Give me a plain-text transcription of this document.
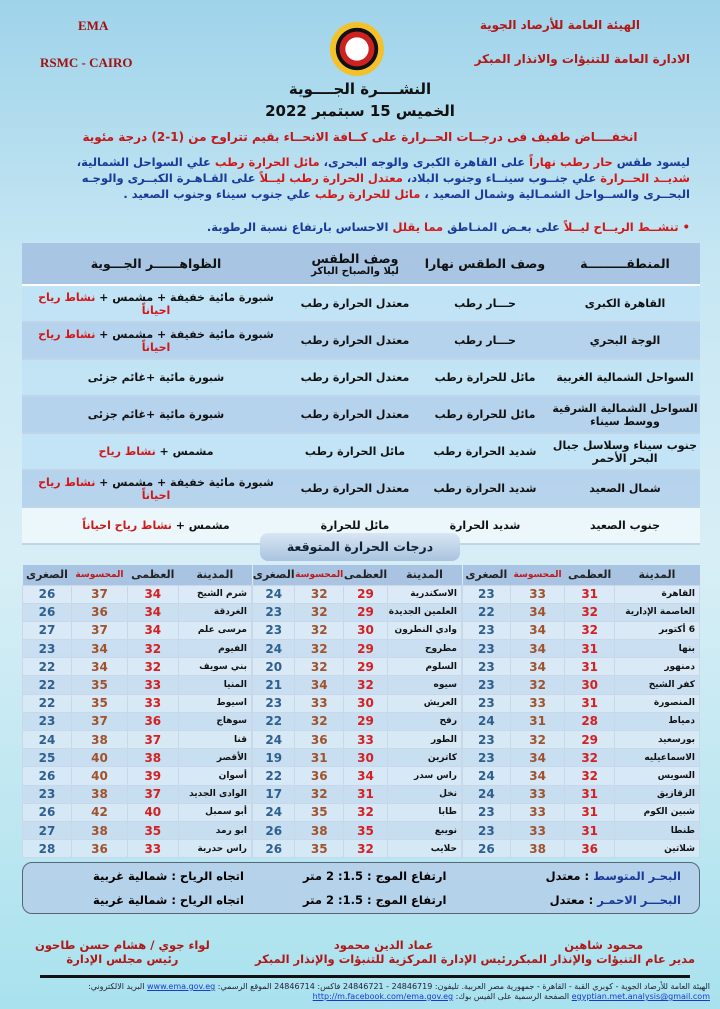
الهيئة العامة للأرصاد الجوية
الادارة العامة للتنبؤات والانذار المبكر
EMA
RSMC - CAIRO
النشــــرة الجــــوية
الخميس 15 سبتمبر 2022
انخفــــاض طفيف فى درجــات الحــرارة على كــافة الانحــاء بقيم تتراوح من (1-2) درجة مئوية
ليسود طقس حار رطب نهاراً على القاهرة الكبرى والوجه البحرى، مائل الحرارة رطب علي السواحل الشمالية، شديــد الحــرارة علي جنــوب سينــاء وجنوب البلاد، معتدل الحرارة رطب ليــلاً على القـاهـرة الكبــرى والوجـه البحــرى والســواحل الشمـالية وشمال الصعيد ، مائل للحرارة رطب علي جنوب سيناء وجنوب الصعيد .
• تنشــط الريــاح ليــلاً على بعـض المنـاطق مما يقلل الاحساس بارتفاع نسبة الرطوبة.
المنطقـــــــــة	وصف الطقس نهارا	وصف الطقس
ليلا والصباح الباكر	الظواهــــــر الجـــوية
القاهرة الكبرى	حـــار رطب	معتدل الحرارة رطب	شبورة مائية خفيفة + مشمس + نشاط رياح احياناً
الوجة البحري	حـــار رطب	معتدل الحرارة رطب	شبورة مائية خفيفة + مشمس + نشاط رياح احياناً
السواحل الشمالية الغربية	مائل للحرارة رطب	معتدل الحرارة رطب	شبورة مائية +غائم جزئى
السواحل الشمالية الشرقية ووسط سيناء	مائل للحرارة رطب	معتدل الحرارة رطب	شبورة مائية +غائم جزئى
جنوب سيناء وسلاسل جبال البحر الأحمر	شديد الحرارة رطب	مائل الحرارة رطب	مشمس + نشاط رياح
شمال الصعيد	شديد الحرارة رطب	معتدل الحرارة رطب	شبورة مائية خفيفة + مشمس + نشاط رياح احياناً
جنوب الصعيد	شديد الحرارة	مائل للحرارة	مشمس + نشاط رياح احياناً
درجات الحرارة المتوقعة
المدينة	العظمى	المحسوسة	الصغرى
القاهرة	31	33	23
العاصمة الإدارية	32	34	22
6 أكتوبر	32	34	23
بنها	31	34	23
دمنهور	31	34	23
كفر الشيخ	30	32	23
المنصورة	31	33	23
دمياط	28	31	24
بورسعيد	29	32	23
الاسماعيليه	32	34	23
السويس	32	34	24
الزقازيق	31	33	24
شبين الكوم	31	33	23
طنطا	31	33	23
شلاتين	36	38	26
المدينة	العظمى	المحسوسة	الصغرى
الاسكندرية	29	32	24
العلمين الجديدة	29	32	23
وادي النطرون	30	32	23
مطروح	29	32	24
السلوم	29	32	20
سيوه	32	34	21
العريش	30	33	23
رفح	29	32	22
الطور	33	36	24
كاترين	30	31	19
راس سدر	34	36	22
نخل	31	32	17
طابا	32	35	24
نويبع	35	38	26
حلايب	32	35	26
المدينة	العظمى	المحسوسة	الصغرى
شرم الشيخ	34	37	26
الغردقة	34	36	26
مرسى علم	34	37	27
الفيوم	32	34	23
بني سويف	32	34	22
المنيا	33	35	22
اسيوط	33	35	22
سوهاج	36	37	23
قنا	37	38	24
الأقصر	38	40	25
أسوان	39	40	26
الوادى الجديد	37	38	23
أبو سمبل	40	42	26
ابو رمد	35	38	27
راس حدربة	33	36	28
البحـر المتوسط : معتدل
ارتفاع الموج : 1.5: 2 متر
اتجاه الرياح : شمالية غربية
البحـــر الاحمـر : معتدل
ارتفاع الموج : 1.5: 2 متر
اتجاه الرياح : شمالية غربية
محمود شاهين
مدير عام التنبؤات والإنذار المبكر
عماد الدين محمود
رئيس الإدارة المركزية للتنبؤات والإنذار المبكر
لواء جوي / هشام حسن طاحون
رئيس مجلس الإدارة
الهيئة العامة للأرصاد الجوية - كوبري القبة - القاهرة - جمهورية مصر العربية. تليفون: 24846719 - 24846721 فاكس: 24846714 الموقع الرسمي: www.ema.gov.eg البريد الالكتروني: egyptian.met.analysis@gmail.com الصفحة الرسمية على الفيس بوك: http://m.facebook.com/ema.gov.eg
